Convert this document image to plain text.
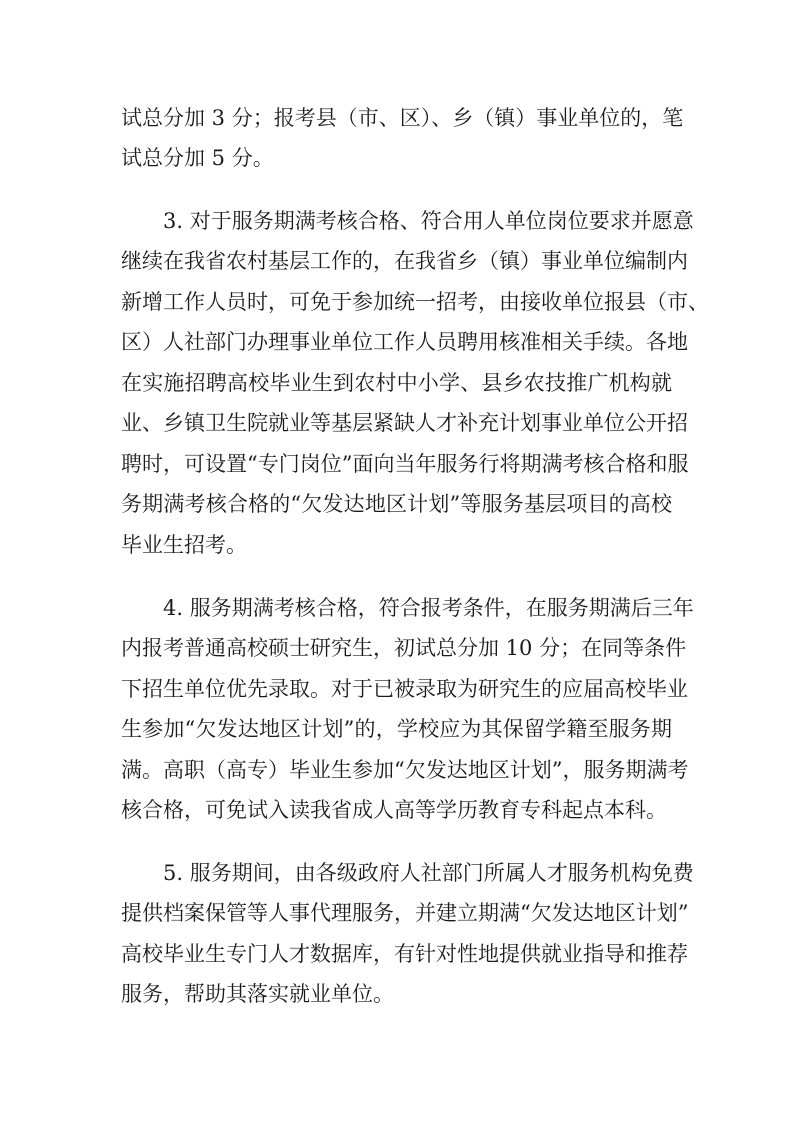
试总分加 3 分；报考县（市、区）、乡（镇）事业单位的，笔
试总分加 5 分。
3. 对于服务期满考核合格、符合用人单位岗位要求并愿意
继续在我省农村基层工作的，在我省乡（镇）事业单位编制内
新增工作人员时，可免于参加统一招考，由接收单位报县（市、
区）人社部门办理事业单位工作人员聘用核准相关手续。各地
在实施招聘高校毕业生到农村中小学、县乡农技推广机构就
业、乡镇卫生院就业等基层紧缺人才补充计划事业单位公开招
聘时，可设置“专门岗位”面向当年服务行将期满考核合格和服
务期满考核合格的“欠发达地区计划”等服务基层项目的高校
毕业生招考。
4. 服务期满考核合格，符合报考条件，在服务期满后三年
内报考普通高校硕士研究生，初试总分加 10 分；在同等条件
下招生单位优先录取。对于已被录取为研究生的应届高校毕业
生参加“欠发达地区计划”的，学校应为其保留学籍至服务期
满。高职（高专）毕业生参加“欠发达地区计划”，服务期满考
核合格，可免试入读我省成人高等学历教育专科起点本科。
5. 服务期间，由各级政府人社部门所属人才服务机构免费
提供档案保管等人事代理服务，并建立期满“欠发达地区计划”
高校毕业生专门人才数据库，有针对性地提供就业指导和推荐
服务，帮助其落实就业单位。
